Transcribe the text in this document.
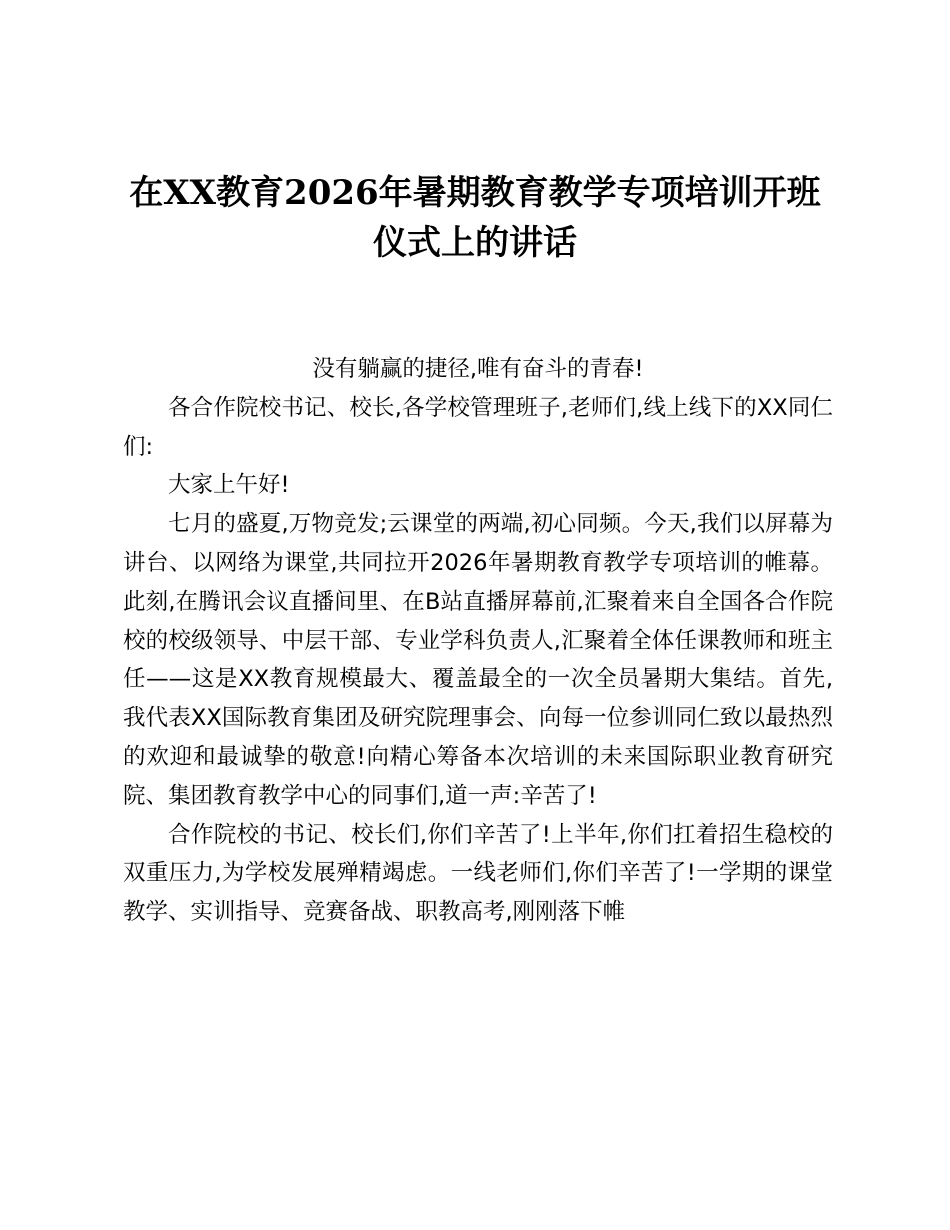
在XX教育2026年暑期教育教学专项培训开班仪式上的讲话

没有躺赢的捷径,唯有奋斗的青春!

各合作院校书记、校长,各学校管理班子,老师们,线上线下的XX同仁们:

大家上午好!

七月的盛夏,万物竞发;云课堂的两端,初心同频。今天,我们以屏幕为讲台、以网络为课堂,共同拉开2026年暑期教育教学专项培训的帷幕。此刻,在腾讯会议直播间里、在B站直播屏幕前,汇聚着来自全国各合作院校的校级领导、中层干部、专业学科负责人,汇聚着全体任课教师和班主任——这是XX教育规模最大、覆盖最全的一次全员暑期大集结。首先,我代表XX国际教育集团及研究院理事会、向每一位参训同仁致以最热烈的欢迎和最诚挚的敬意!向精心筹备本次培训的未来国际职业教育研究院、集团教育教学中心的同事们,道一声:辛苦了!

合作院校的书记、校长们,你们辛苦了!上半年,你们扛着招生稳校的双重压力,为学校发展殚精竭虑。一线老师们,你们辛苦了!一学期的课堂教学、实训指导、竞赛备战、职教高考,刚刚落下帷
